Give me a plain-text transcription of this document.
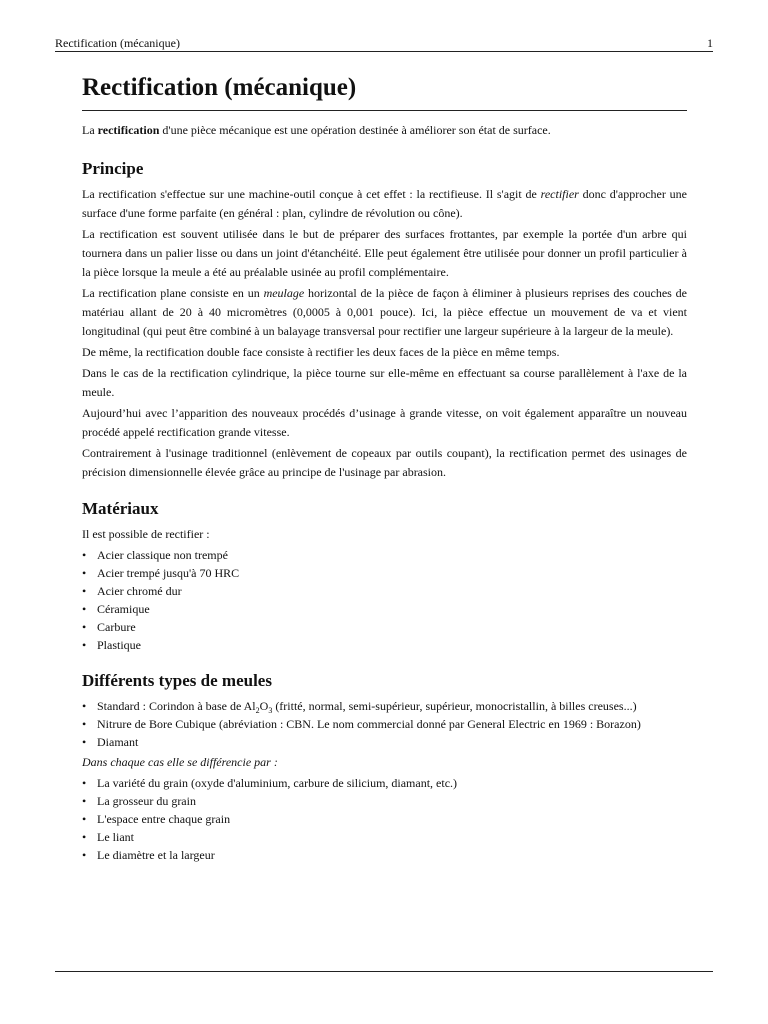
Rectification (mécanique)	1
Rectification (mécanique)

La rectification d'une pièce mécanique est une opération destinée à améliorer son état de surface.

Principe

La rectification s'effectue sur une machine-outil conçue à cet effet : la rectifieuse. Il s'agit de rectifier donc d'approcher une surface d'une forme parfaite (en général : plan, cylindre de révolution ou cône).

La rectification est souvent utilisée dans le but de préparer des surfaces frottantes, par exemple la portée d'un arbre qui tournera dans un palier lisse ou dans un joint d'étanchéité. Elle peut également être utilisée pour donner un profil particulier à la pièce lorsque la meule a été au préalable usinée au profil complémentaire.

La rectification plane consiste en un meulage horizontal de la pièce de façon à éliminer à plusieurs reprises des couches de matériau allant de 20 à 40 micromètres (0,0005 à 0,001 pouce). Ici, la pièce effectue un mouvement de va et vient longitudinal (qui peut être combiné à un balayage transversal pour rectifier une largeur supérieure à la largeur de la meule).

De même, la rectification double face consiste à rectifier les deux faces de la pièce en même temps.

Dans le cas de la rectification cylindrique, la pièce tourne sur elle-même en effectuant sa course parallèlement à l'axe de la meule.

Aujourd’hui avec l’apparition des nouveaux procédés d’usinage à grande vitesse, on voit également apparaître un nouveau procédé appelé rectification grande vitesse.

Contrairement à l'usinage traditionnel (enlèvement de copeaux par outils coupant), la rectification permet des usinages de précision dimensionnelle élevée grâce au principe de l'usinage par abrasion.

Matériaux

Il est possible de rectifier :

• Acier classique non trempé
• Acier trempé jusqu'à 70 HRC
• Acier chromé dur
• Céramique
• Carbure
• Plastique
Différents types de meules
• Standard : Corindon à base de $Al_2O_3$ (fritté, normal, semi-supérieur, supérieur, monocristallin, à billes creuses...)
• Nitrure de Bore Cubique (abréviation : CBN. Le nom commercial donné par General Electric en 1969 : Borazon)
• Diamant

Dans chaque cas elle se différencie par :

• La variété du grain (oxyde d'aluminium, carbure de silicium, diamant, etc.)
• La grosseur du grain
• L'espace entre chaque grain
• Le liant
• Le diamètre et la largeur
